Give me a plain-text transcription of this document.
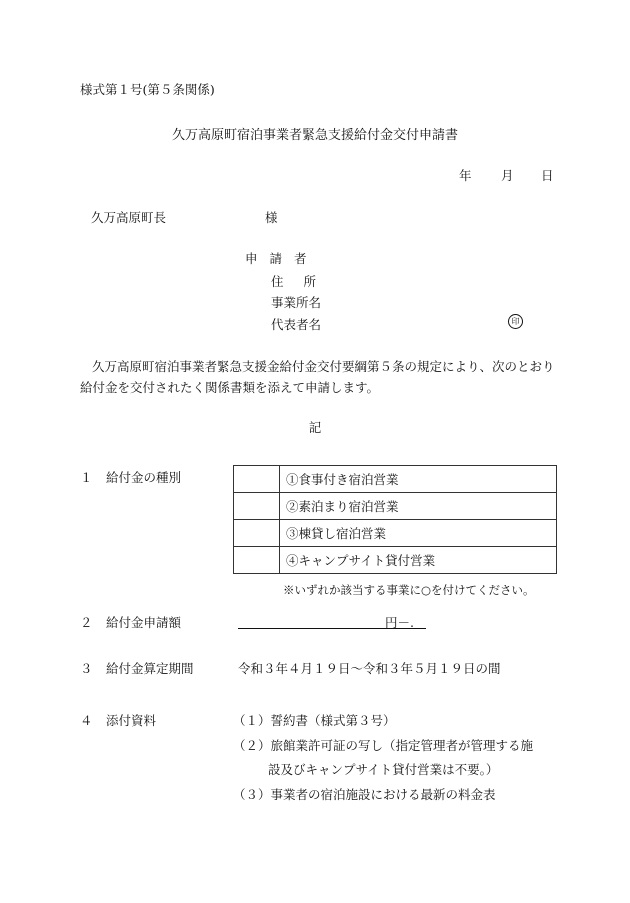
様式第１号(第５条関係)
久万高原町宿泊事業者緊急支援給付金交付申請書
年 月 日
久万高原町長	様
申 請 者
住 所
事業所名
代表者名	印
久万高原町宿泊事業者緊急支援金給付金交付要綱第５条の規定により、次のとおり給付金を交付されたく関係書類を添えて申請します。
記
１ 給付金の種別
		①食事付き宿泊営業
	②素泊まり宿泊営業
	③棟貸し宿泊営業
	④キャンプサイト貸付営業
※いずれか該当する事業に○を付けてください。
２ 給付金申請額	円－.
３ 給付金算定期間	令和３年４月１９日～令和３年５月１９日の間
４ 添付資料	（１）誓約書（様式第３号）
（２）旅館業許可証の写し（指定管理者が管理する施
設及びキャンプサイト貸付営業は不要。）
（３）事業者の宿泊施設における最新の料金表
